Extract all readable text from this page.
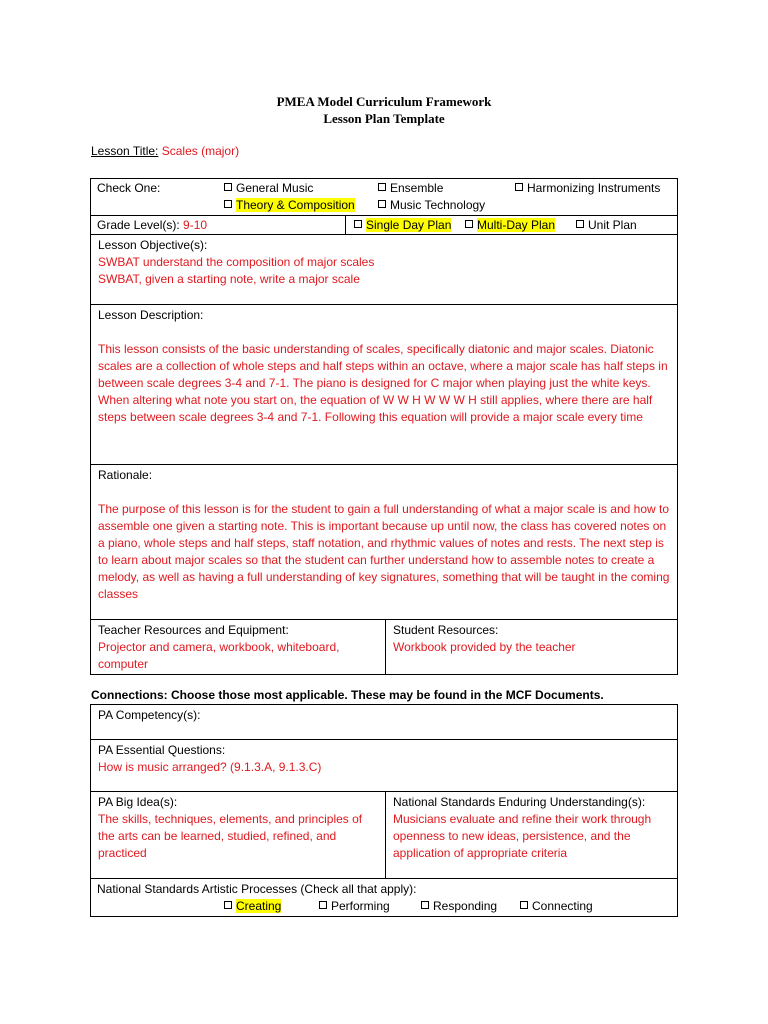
PMEA Model Curriculum Framework
Lesson Plan Template
Lesson Title: Scales (major)
Check One:	General Music	Ensemble	Harmonizing Instruments
Theory & Composition	Music Technology
Grade Level(s): 9-10	Single Day Plan	Multi-Day Plan	Unit Plan
Lesson Objective(s):
SWBAT understand the composition of major scales
SWBAT, given a starting note, write a major scale
Lesson Description:
This lesson consists of the basic understanding of scales, specifically diatonic and major scales. Diatonic scales are a collection of whole steps and half steps within an octave, where a major scale has half steps in between scale degrees 3-4 and 7-1. The piano is designed for C major when playing just the white keys. When altering what note you start on, the equation of W W H W W W H still applies, where there are half steps between scale degrees 3-4 and 7-1. Following this equation will provide a major scale every time
Rationale:
The purpose of this lesson is for the student to gain a full understanding of what a major scale is and how to assemble one given a starting note. This is important because up until now, the class has covered notes on a piano, whole steps and half steps, staff notation, and rhythmic values of notes and rests. The next step is to learn about major scales so that the student can further understand how to assemble notes to create a melody, as well as having a full understanding of key signatures, something that will be taught in the coming classes
Teacher Resources and Equipment:
Projector and camera, workbook, whiteboard, computer
Student Resources:
Workbook provided by the teacher
Connections: Choose those most applicable. These may be found in the MCF Documents.
PA Competency(s):
PA Essential Questions:
How is music arranged? (9.1.3.A, 9.1.3.C)
PA Big Idea(s):
The skills, techniques, elements, and principles of the arts can be learned, studied, refined, and practiced
National Standards Enduring Understanding(s):
Musicians evaluate and refine their work through openness to new ideas, persistence, and the application of appropriate criteria
National Standards Artistic Processes (Check all that apply):
Creating	Performing	Responding	Connecting
